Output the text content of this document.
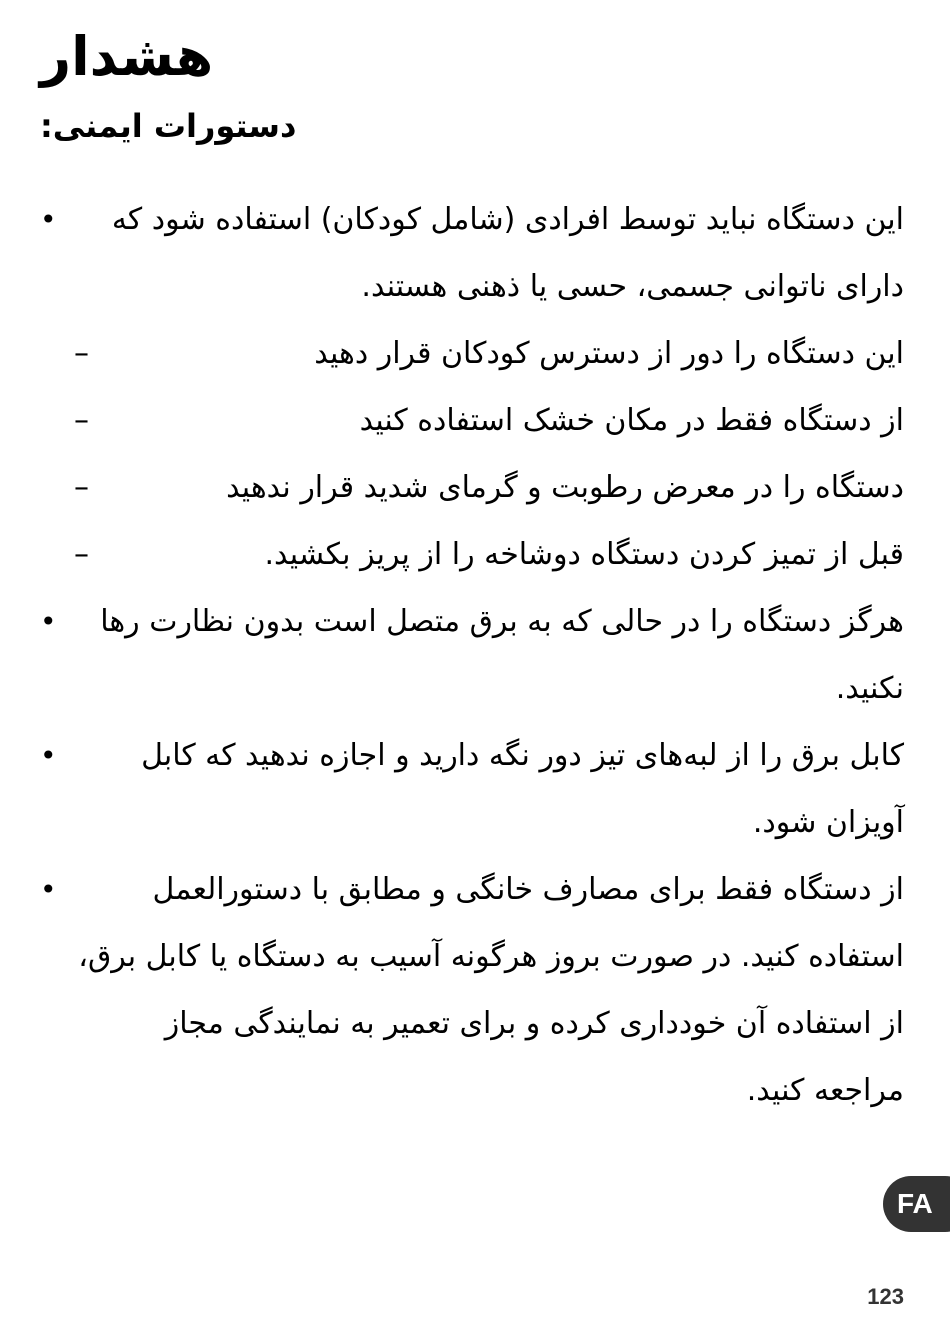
هشدار
دستورات ایمنی:
•	این دستگاه نباید توسط افرادی (شامل کودکان) استفاده شود که دارای ناتوانی جسمی، حسی یا ذهنی هستند.
–	این دستگاه را دور از دسترس کودکان قرار دهید
–	از دستگاه فقط در مکان خشک استفاده کنید
–	دستگاه را در معرض رطوبت و گرمای شدید قرار ندهید
–	قبل از تمیز کردن دستگاه دوشاخه را از پریز بکشید.
•	هرگز دستگاه را در حالی که به برق متصل است بدون نظارت رها نکنید.
•	کابل برق را از لبه‌های تیز دور نگه دارید و اجازه ندهید که کابل آویزان شود.
•	از دستگاه فقط برای مصارف خانگی و مطابق با دستورالعمل استفاده کنید. در صورت بروز هرگونه آسیب به دستگاه یا کابل برق، از استفاده آن خودداری کرده و برای تعمیر به نمایندگی مجاز مراجعه کنید.
FA
123
